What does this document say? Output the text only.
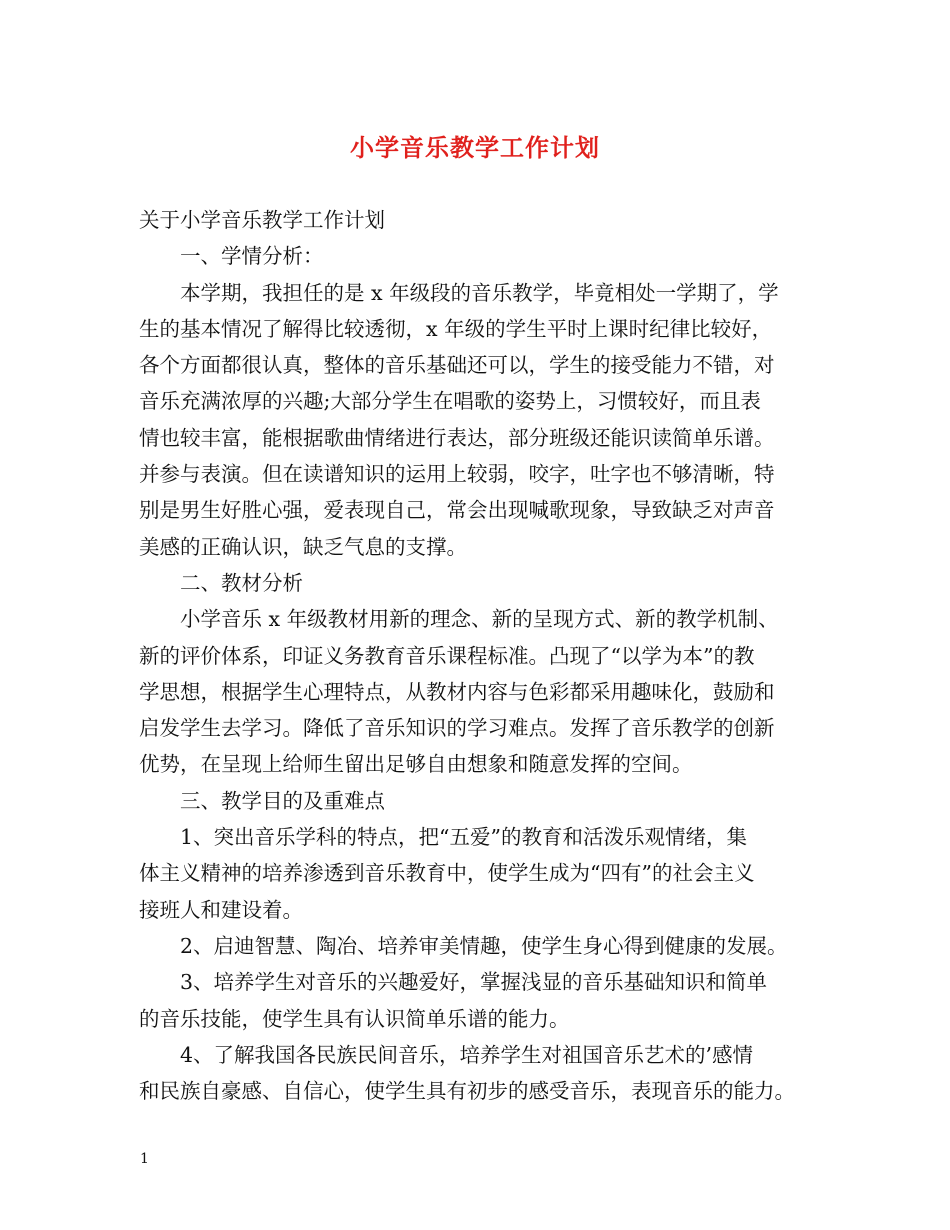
小学音乐教学工作计划
关于小学音乐教学工作计划
一、学情分析：
本学期，我担任的是 x 年级段的音乐教学，毕竟相处一学期了，学
生的基本情况了解得比较透彻，x 年级的学生平时上课时纪律比较好，
各个方面都很认真，整体的音乐基础还可以，学生的接受能力不错，对
音乐充满浓厚的兴趣;大部分学生在唱歌的姿势上，习惯较好，而且表
情也较丰富，能根据歌曲情绪进行表达，部分班级还能识读简单乐谱。
并参与表演。但在读谱知识的运用上较弱，咬字，吐字也不够清晰，特
别是男生好胜心强，爱表现自己，常会出现喊歌现象，导致缺乏对声音
美感的正确认识，缺乏气息的支撑。
二、教材分析
小学音乐 x 年级教材用新的理念、新的呈现方式、新的教学机制、
新的评价体系，印证义务教育音乐课程标准。凸现了“以学为本”的教
学思想，根据学生心理特点，从教材内容与色彩都采用趣味化，鼓励和
启发学生去学习。降低了音乐知识的学习难点。发挥了音乐教学的创新
优势，在呈现上给师生留出足够自由想象和随意发挥的空间。
三、教学目的及重难点
1、突出音乐学科的特点，把“五爱”的教育和活泼乐观情绪，集
体主义精神的培养渗透到音乐教育中，使学生成为“四有”的社会主义
接班人和建设着。
2、启迪智慧、陶冶、培养审美情趣，使学生身心得到健康的发展。
3、培养学生对音乐的兴趣爱好，掌握浅显的音乐基础知识和简单
的音乐技能，使学生具有认识简单乐谱的能力。
4、了解我国各民族民间音乐，培养学生对祖国音乐艺术的’感情
和民族自豪感、自信心，使学生具有初步的感受音乐，表现音乐的能力。
1
